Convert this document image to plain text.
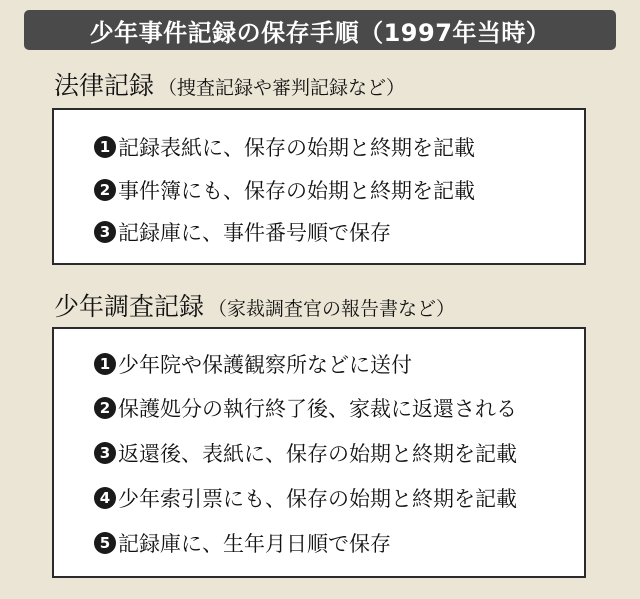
少年事件記録の保存手順（1997年当時）
法律記録 （捜査記録や審判記録など）
1 記録表紙に、保存の始期と終期を記載
2 事件簿にも、保存の始期と終期を記載
3 記録庫に、事件番号順で保存
少年調査記録 （家裁調査官の報告書など）
1 少年院や保護観察所などに送付
2 保護処分の執行終了後、家裁に返還される
3 返還後、表紙に、保存の始期と終期を記載
4 少年索引票にも、保存の始期と終期を記載
5 記録庫に、生年月日順で保存
